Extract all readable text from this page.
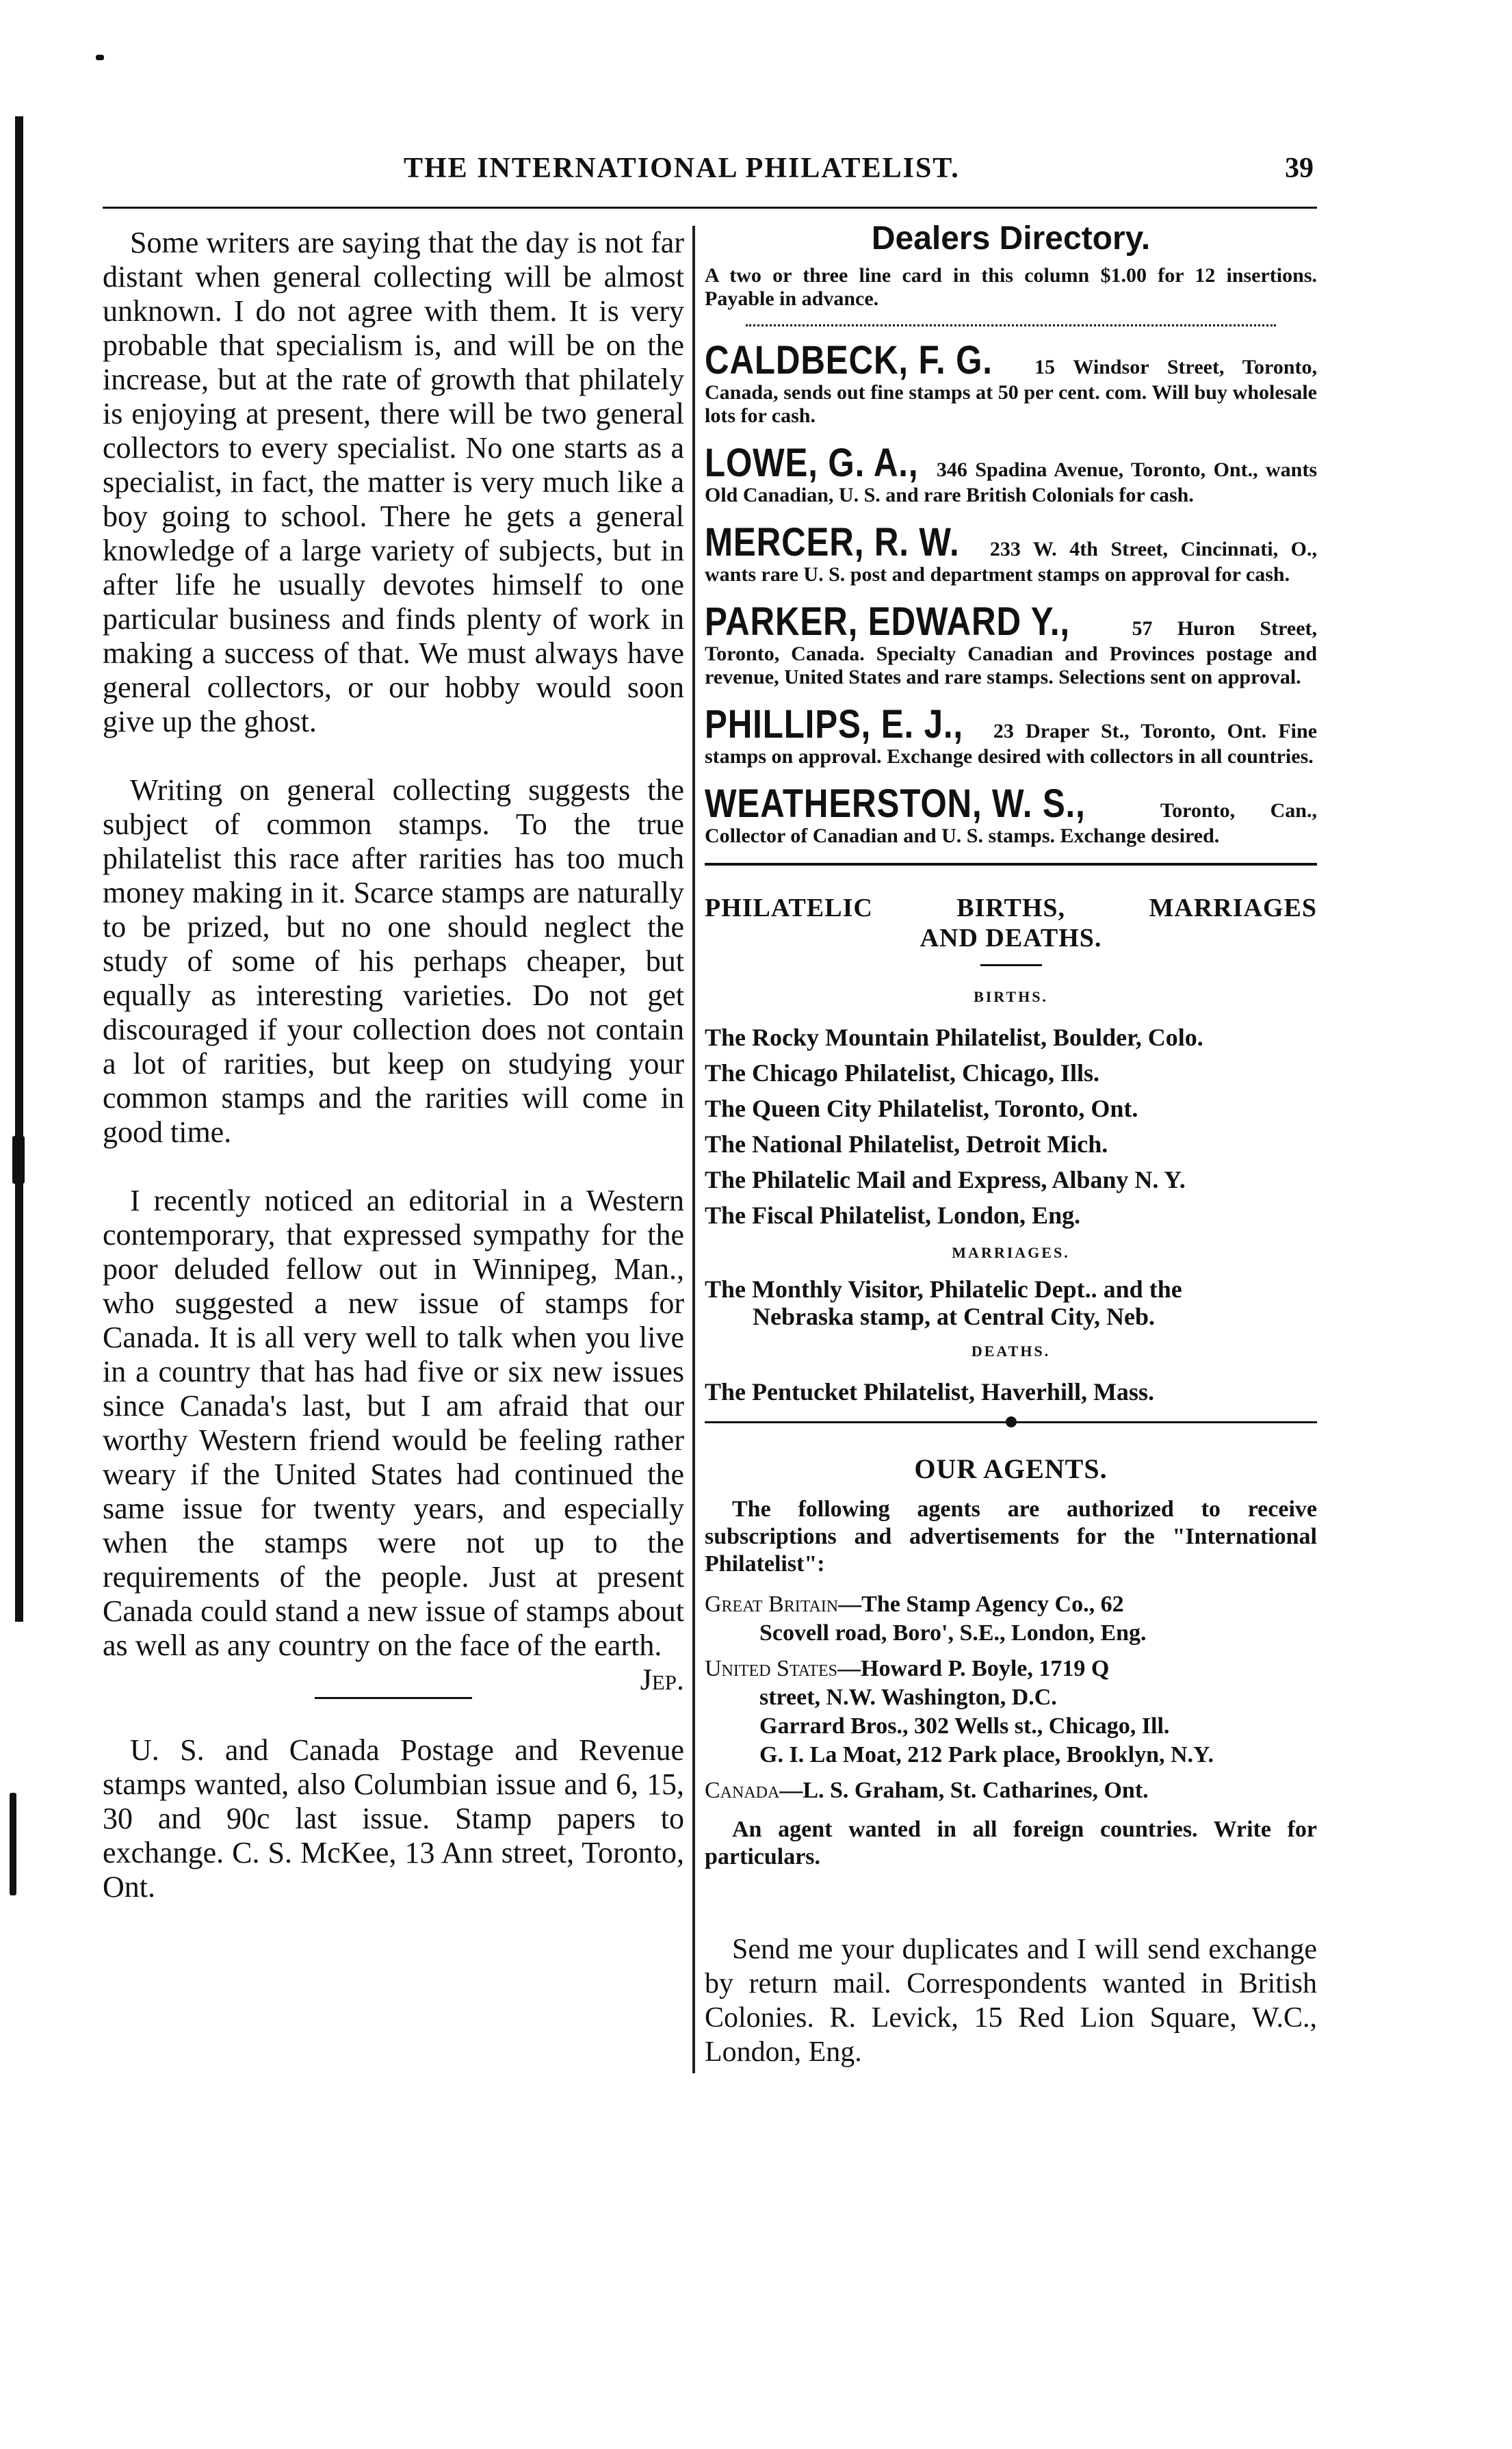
THE INTERNATIONAL PHILATELIST.	39

Some writers are saying that the day is not far distant when general collecting will be almost unknown. I do not agree with them. It is very probable that specialism is, and will be on the increase, but at the rate of growth that philately is enjoying at present, there will be two general collectors to every specialist. No one starts as a specialist, in fact, the matter is very much like a boy going to school. There he gets a general knowledge of a large variety of subjects, but in after life he usually devotes himself to one particular business and finds plenty of work in making a success of that. We must always have general collectors, or our hobby would soon give up the ghost.

Writing on general collecting suggests the subject of common stamps. To the true philatelist this race after rarities has too much money making in it. Scarce stamps are naturally to be prized, but no one should neglect the study of some of his perhaps cheaper, but equally as interesting varieties. Do not get discouraged if your collection does not contain a lot of rarities, but keep on studying your common stamps and the rarities will come in good time.

I recently noticed an editorial in a Western contemporary, that expressed sympathy for the poor deluded fellow out in Winnipeg, Man., who suggested a new issue of stamps for Canada. It is all very well to talk when you live in a country that has had five or six new issues since Canada's last, but I am afraid that our worthy Western friend would be feeling rather weary if the United States had continued the same issue for twenty years, and especially when the stamps were not up to the requirements of the people. Just at present Canada could stand a new issue of stamps about as well as any country on the face of the earth.
Jep.

U. S. and Canada Postage and Revenue stamps wanted, also Columbian issue and 6, 15, 30 and 90c last issue. Stamp papers to exchange. C. S. McKee, 13 Ann street, Toronto, Ont.

Dealers Directory.
A two or three line card in this column $1.00 for 12 insertions. Payable in advance.
CALDBECK, F. G. 15 Windsor Street, Toronto, Canada, sends out fine stamps at 50 per cent. com. Will buy wholesale lots for cash.
LOWE, G. A., 346 Spadina Avenue, Toronto, Ont., wants Old Canadian, U. S. and rare British Colonials for cash.
MERCER, R. W. 233 W. 4th Street, Cincinnati, O., wants rare U. S. post and department stamps on approval for cash.
PARKER, EDWARD Y.,	57 Huron Street, Toronto, Canada. Specialty Canadian and Provinces postage and revenue, United States and rare stamps. Selections sent on approval.
PHILLIPS, E. J., 23 Draper St., Toronto, Ont. Fine stamps on approval. Exchange desired with collectors in all countries.
WEATHERSTON, W. S.,	Toronto, Can., Collector of Canadian and U. S. stamps. Exchange desired.
PHILATELIC	BIRTHS,	MARRIAGES
AND DEATHS.
BIRTHS.
The Rocky Mountain Philatelist, Boulder, Colo.
The Chicago Philatelist, Chicago, Ills.
The Queen City Philatelist, Toronto, Ont.
The National Philatelist, Detroit Mich.
The Philatelic Mail and Express, Albany N. Y.
The Fiscal Philatelist, London, Eng.
MARRIAGES.
The Monthly Visitor, Philatelic Dept.. and the
Nebraska stamp, at Central City, Neb.
DEATHS.
The Pentucket Philatelist, Haverhill, Mass.
OUR AGENTS.
The following agents are authorized to receive subscriptions and advertisements for the "International Philatelist":
Great Britain—The Stamp Agency Co., 62
Scovell road, Boro', S.E., London, Eng.
United States—Howard P. Boyle, 1719 Q
street, N.W. Washington, D.C.
Garrard Bros., 302 Wells st., Chicago, Ill.
G. I. La Moat, 212 Park place, Brooklyn, N.Y.
Canada—L. S. Graham, St. Catharines, Ont.
An agent wanted in all foreign countries. Write for particulars.
Send me your duplicates and I will send exchange by return mail. Correspondents wanted in British Colonies. R. Levick, 15 Red Lion Square, W.C., London, Eng.
